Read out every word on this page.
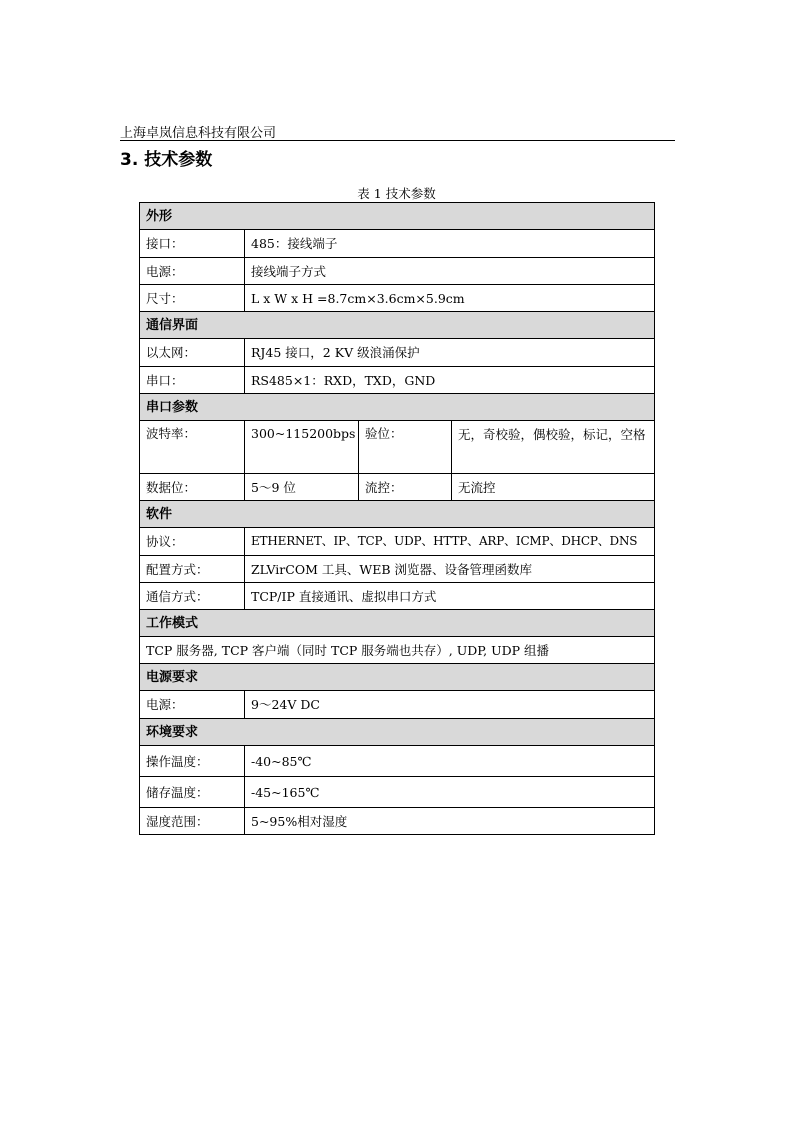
上海卓岚信息科技有限公司
3. 技术参数
表 1 技术参数
外形			
接口：	485：接线端子		
电源：	接线端子方式		
尺寸：	L x W x H =8.7cm×3.6cm×5.9cm		
通信界面			
以太网：	RJ45 接口，2 KV 级浪涌保护		
串口：	RS485×1：RXD，TXD，GND		
串口参数			
波特率：	300~115200bps	验位：	无，奇校验，偶校验，标记，空格
数据位：	5～9 位	流控：	无流控
软件			
协议：	ETHERNET、IP、TCP、UDP、HTTP、ARP、ICMP、DHCP、DNS		
配置方式：	ZLVirCOM 工具、WEB 浏览器、设备管理函数库		
通信方式：	TCP/IP 直接通讯、虚拟串口方式		
工作模式			
TCP 服务器, TCP 客户端（同时 TCP 服务端也共存）, UDP, UDP 组播			
电源要求			
电源：	9～24V DC		
环境要求			
操作温度：	-40~85℃		
储存温度：	-45~165℃		
湿度范围：	5~95%相对湿度		
